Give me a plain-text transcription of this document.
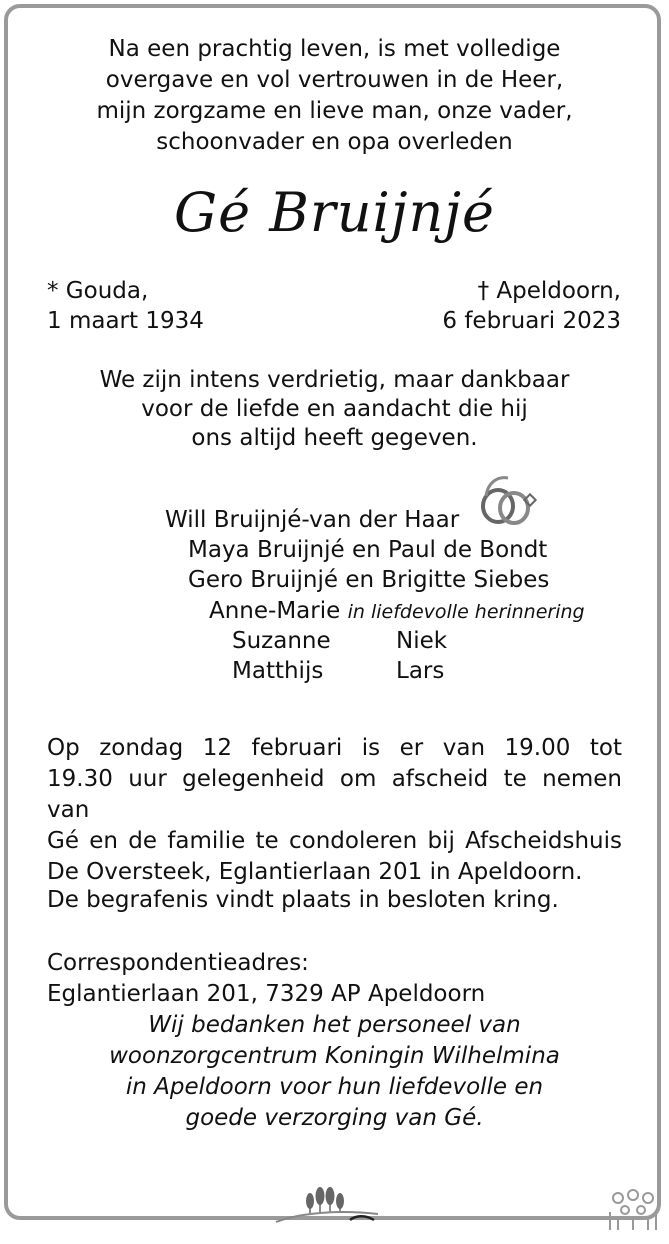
Na een prachtig leven, is met volledige
overgave en vol vertrouwen in de Heer,
mijn zorgzame en lieve man, onze vader,
schoonvader en opa overleden
Gé Bruijnjé
* Gouda,
1 maart 1934
† Apeldoorn,
6 februari 2023
We zijn intens verdrietig, maar dankbaar
voor de liefde en aandacht die hij
ons altijd heeft gegeven.
Will Bruijnjé-van der Haar
Maya Bruijnjé en Paul de Bondt
Gero Bruijnjé en Brigitte Siebes
Anne-Marie in liefdevolle herinnering
Suzanne	Niek
Matthijs	Lars
Op zondag 12 februari is er van 19.00 tot
19.30 uur gelegenheid om afscheid te nemen van
Gé en de familie te condoleren bij Afscheidshuis
De Oversteek, Eglantierlaan 201 in Apeldoorn.
De begrafenis vindt plaats in besloten kring.
Correspondentieadres:
Eglantierlaan 201, 7329 AP Apeldoorn
Wij bedanken het personeel van
woonzorgcentrum Koningin Wilhelmina
in Apeldoorn voor hun liefdevolle en
goede verzorging van Gé.
